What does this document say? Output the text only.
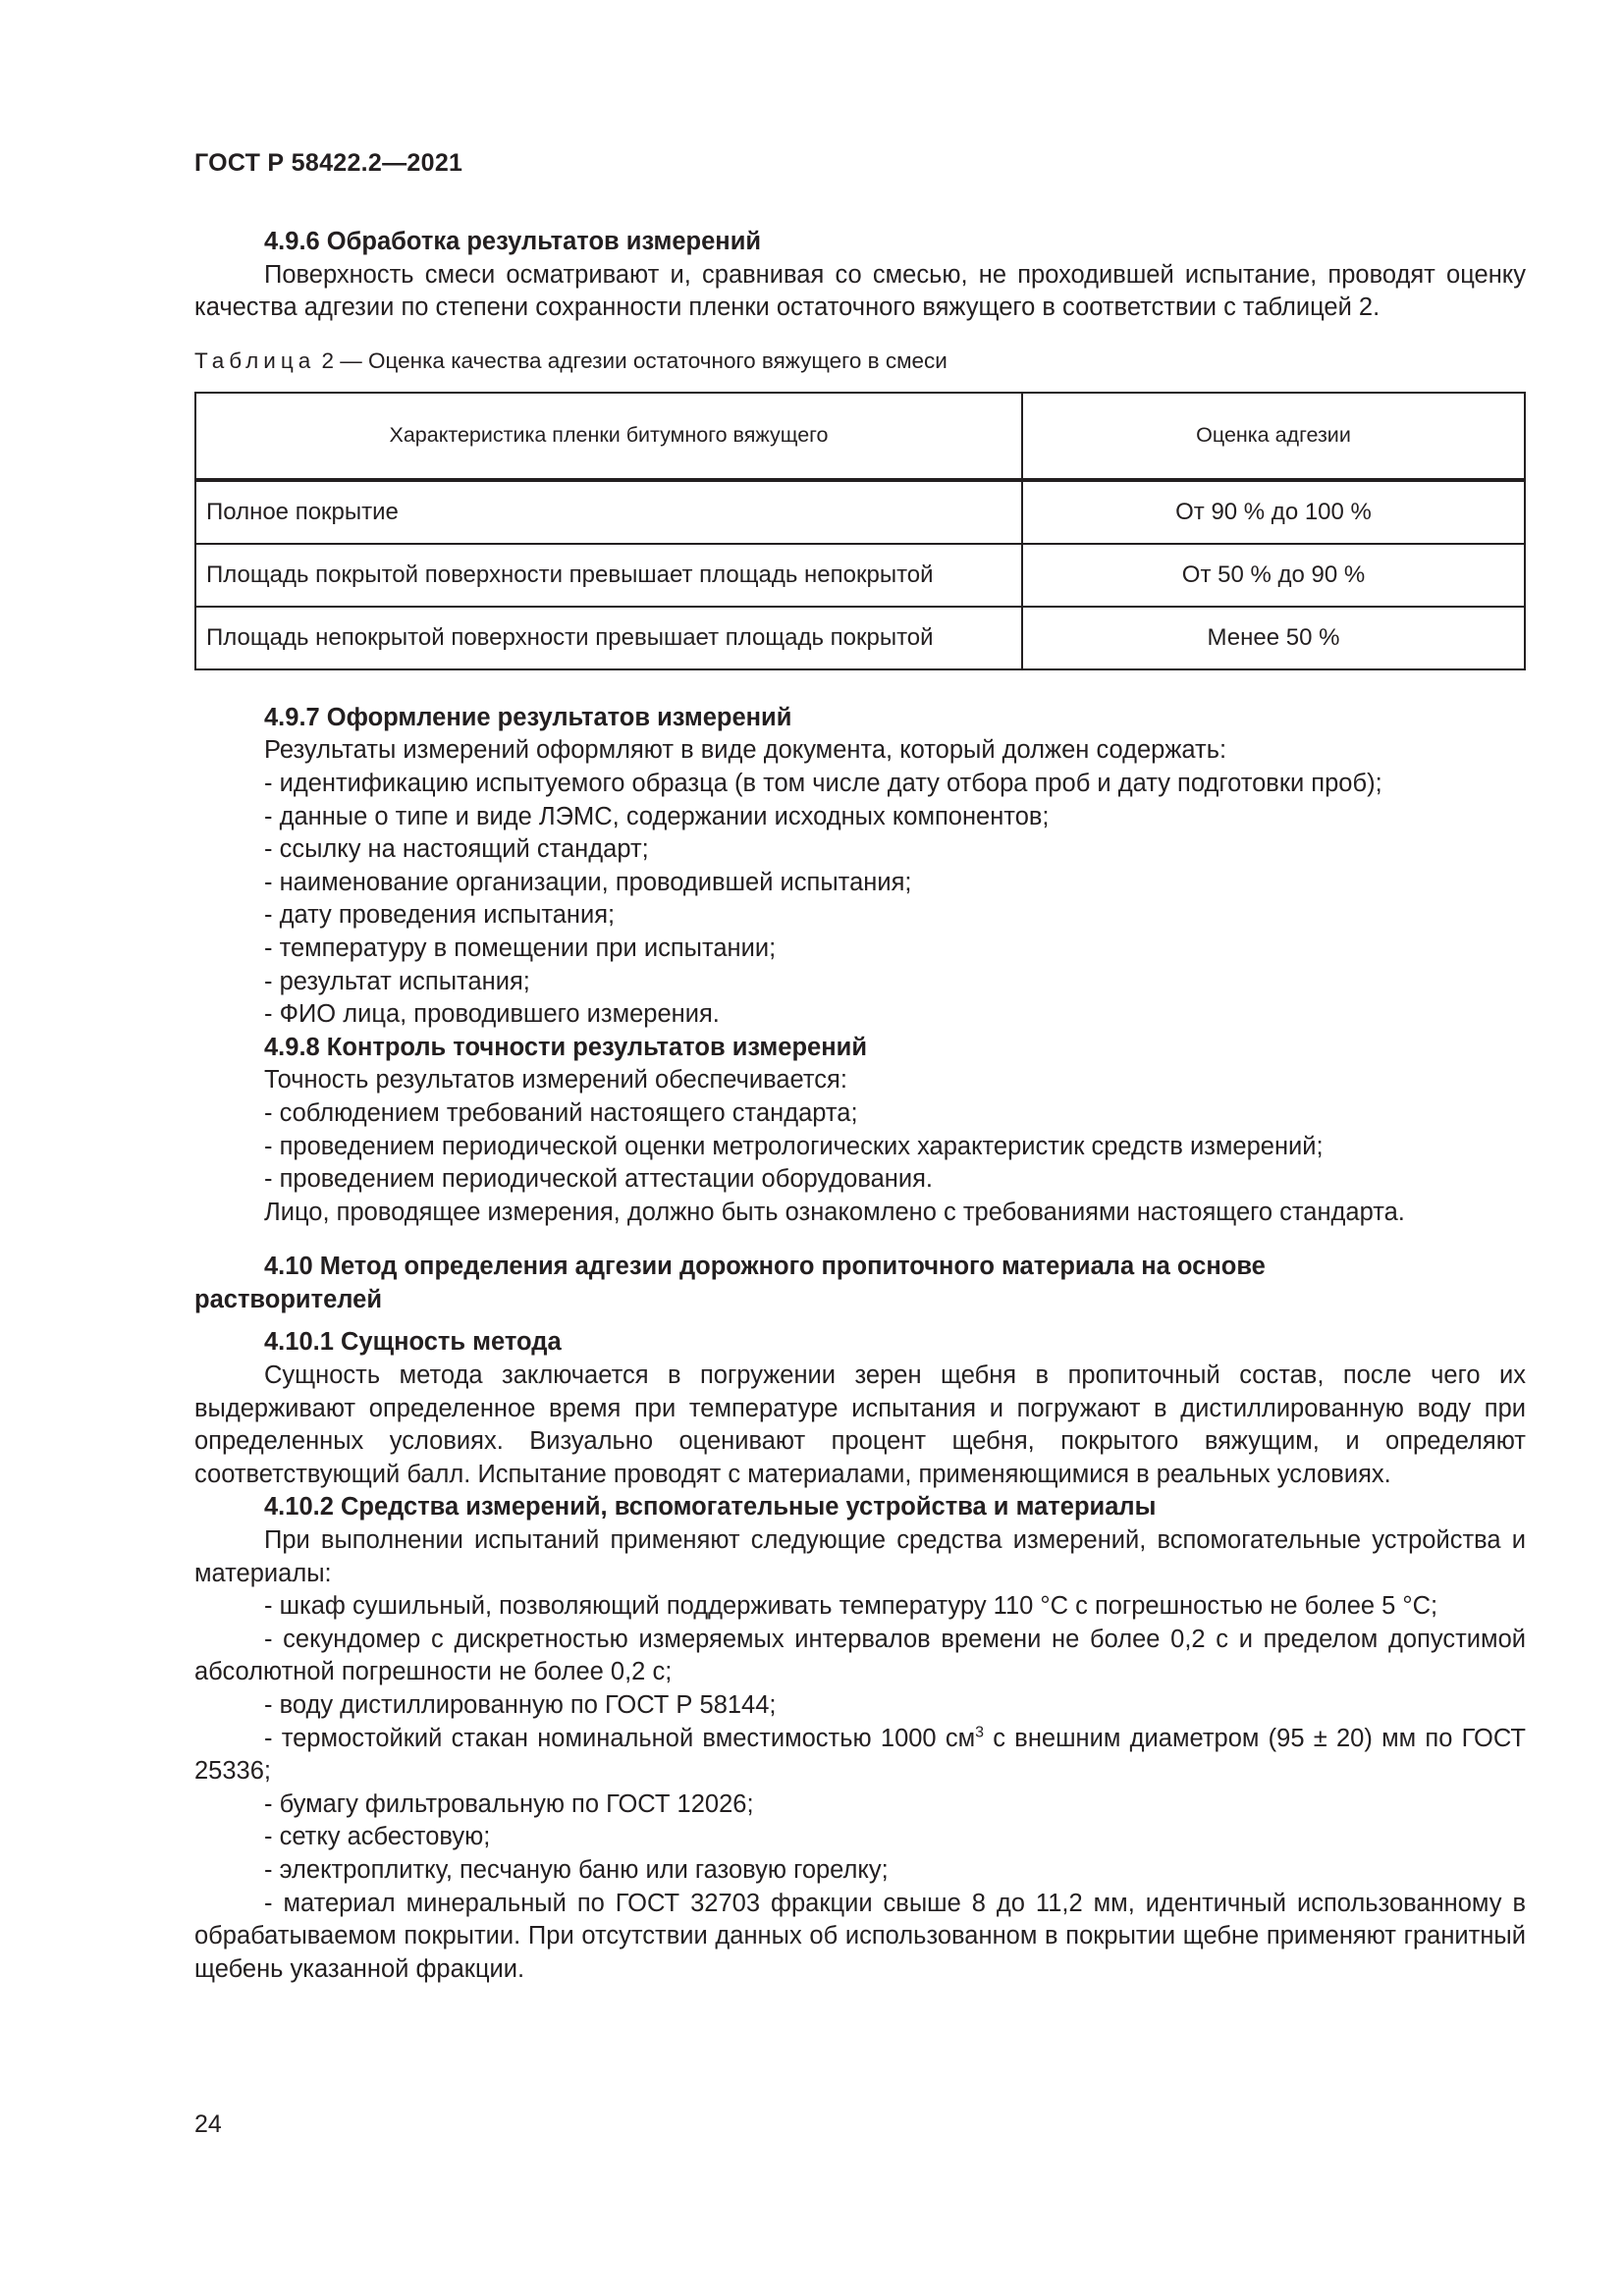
ГОСТ Р 58422.2—2021

4.9.6 Обработка результатов измерений

Поверхность смеси осматривают и, сравнивая со смесью, не проходившей испытание, проводят оценку качества адгезии по степени сохранности пленки остаточного вяжущего в соответствии с таблицей 2.

Таблица 2 — Оценка качества адгезии остаточного вяжущего в смеси

Характеристика пленки битумного вяжущего	Оценка адгезии
Полное покрытие	От 90 % до 100 %
Площадь покрытой поверхности превышает площадь непокрытой	От 50 % до 90 %
Площадь непокрытой поверхности превышает площадь покрытой	Менее 50 %

4.9.7 Оформление результатов измерений

Результаты измерений оформляют в виде документа, который должен содержать:

- идентификацию испытуемого образца (в том числе дату отбора проб и дату подготовки проб);

- данные о типе и виде ЛЭМС, содержании исходных компонентов;

- ссылку на настоящий стандарт;

- наименование организации, проводившей испытания;

- дату проведения испытания;

- температуру в помещении при испытании;

- результат испытания;

- ФИО лица, проводившего измерения.

4.9.8 Контроль точности результатов измерений

Точность результатов измерений обеспечивается:

- соблюдением требований настоящего стандарта;

- проведением периодической оценки метрологических характеристик средств измерений;

- проведением периодической аттестации оборудования.

Лицо, проводящее измерения, должно быть ознакомлено с требованиями настоящего стандарта.

4.10 Метод определения адгезии дорожного пропиточного материала на основе

растворителей

4.10.1 Сущность метода

Сущность метода заключается в погружении зерен щебня в пропиточный состав, после чего их выдерживают определенное время при температуре испытания и погружают в дистиллированную воду при определенных условиях. Визуально оценивают процент щебня, покрытого вяжущим, и определяют соответствующий балл. Испытание проводят с материалами, применяющимися в реальных условиях.

4.10.2 Средства измерений, вспомогательные устройства и материалы

При выполнении испытаний применяют следующие средства измерений, вспомогательные устройства и материалы:

- шкаф сушильный, позволяющий поддерживать температуру 110 °С с погрешностью не более 5 °С;

- секундомер с дискретностью измеряемых интервалов времени не более 0,2 с и пределом допустимой абсолютной погрешности не более 0,2 с;

- воду дистиллированную по ГОСТ Р 58144;

- термостойкий стакан номинальной вместимостью 1000 $см^3$ с внешним диаметром (95 ± 20) мм по ГОСТ 25336;

- бумагу фильтровальную по ГОСТ 12026;

- сетку асбестовую;

- электроплитку, песчаную баню или газовую горелку;

- материал минеральный по ГОСТ 32703 фракции свыше 8 до 11,2 мм, идентичный использованному в обрабатываемом покрытии. При отсутствии данных об использованном в покрытии щебне применяют гранитный щебень указанной фракции.

24
